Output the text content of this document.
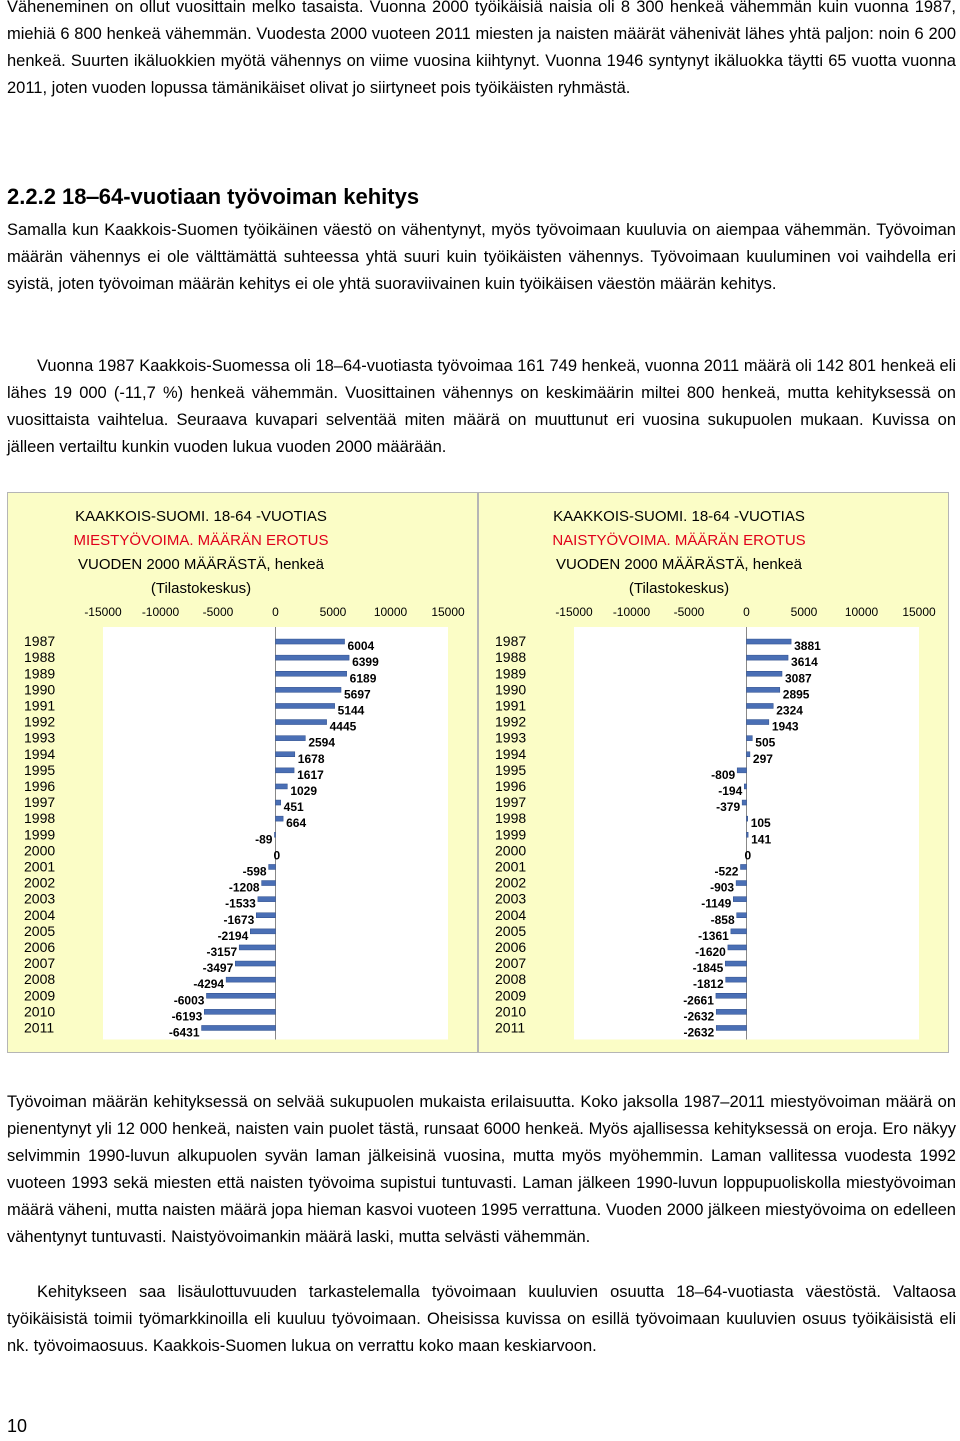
Väheneminen on ollut vuosittain melko tasaista. Vuonna 2000 työikäisiä naisia oli 8 300 henkeä vähemmän kuin vuonna 1987, miehiä 6 800 henkeä vähemmän. Vuodesta 2000 vuoteen 2011 miesten ja naisten määrät vähenivät lähes yhtä paljon: noin 6 200 henkeä. Suurten ikäluokkien myötä vähennys on viime vuosina kiihtynyt. Vuonna 1946 syntynyt ikäluokka täytti 65 vuotta vuonna 2011, joten vuoden lopussa tämänikäiset olivat jo siirtyneet pois työikäisten ryhmästä.

2.2.2 18‒64-vuotiaan työvoiman kehitys

Samalla kun Kaakkois-Suomen työikäinen väestö on vähentynyt, myös työvoimaan kuuluvia on aiempaa vähemmän. Työvoiman määrän vähennys ei ole välttämättä suhteessa yhtä suuri kuin työikäisten vähennys. Työvoimaan kuuluminen voi vaihdella eri syistä, joten työvoiman määrän kehitys ei ole yhtä suoraviivainen kuin työikäisen väestön määrän kehitys.

Vuonna 1987 Kaakkois-Suomessa oli 18‒64-vuotiasta työvoimaa 161 749 henkeä, vuonna 2011 määrä oli 142 801 henkeä eli lähes 19 000 (-11,7 %) henkeä vähemmän. Vuosittainen vähennys on keskimäärin miltei 800 henkeä, mutta kehityksessä on vuosittaista vaihtelua. Seuraava kuvapari selventää miten määrä on muuttunut eri vuosina sukupuolen mukaan. Kuvissa on jälleen vertailtu kunkin vuoden lukua vuoden 2000 määrään.

KAAKKOIS-SUOMI. 18-64 -VUOTIAS
MIESTYÖVOIMA. MÄÄRÄN EROTUS
VUODEN 2000 MÄÄRÄSTÄ, henkeä
(Tilastokeskus)
-15000 -10000 -5000	0	5000 10000 15000
1987	6004
1988	6399
1989	6189
1990	5697
1991	5144
1992	4445
1993	2594
1994	1678
1995	1617
1996	1029
1997	451
1998	664
1999	-89
2000	0
2001	-598
2002	-1208
2003	-1533
2004	-1673
2005	-2194
2006	-3157
2007	-3497
2008	-4294
2009	-6003
2010	-6193
2011	-6431
KAAKKOIS-SUOMI. 18-64 -VUOTIAS
NAISTYÖVOIMA. MÄÄRÄN EROTUS
VUODEN 2000 MÄÄRÄSTÄ, henkeä
(Tilastokeskus)
-15000 -10000 -5000	0	5000 10000 15000
1987	3881
1988	3614
1989	3087
1990	2895
1991	2324
1992	1943
1993	505
1994	297
1995	-809
1996	-194
1997	-379
1998	105
1999	141
2000	0
2001	-522
2002	-903
2003	-1149
2004	-858
2005	-1361
2006	-1620
2007	-1845
2008	-1812
2009	-2661
2010	-2632
2011	-2632

Työvoiman määrän kehityksessä on selvää sukupuolen mukaista erilaisuutta. Koko jaksolla 1987‒2011 miestyövoiman määrä on pienentynyt yli 12 000 henkeä, naisten vain puolet tästä, runsaat 6000 henkeä. Myös ajallisessa kehityksessä on eroja. Ero näkyy selvimmin 1990-luvun alkupuolen syvän laman jälkeisinä vuosina, mutta myös myöhemmin. Laman vallitessa vuodesta 1992 vuoteen 1993 sekä miesten että naisten työvoima supistui tuntuvasti. Laman jälkeen 1990-luvun loppupuoliskolla miestyövoiman määrä väheni, mutta naisten määrä jopa hieman kasvoi vuoteen 1995 verrattuna. Vuoden 2000 jälkeen miestyövoima on edelleen vähentynyt tuntuvasti. Naistyövoimankin määrä laski, mutta selvästi vähemmän.

Kehitykseen saa lisäulottuvuuden tarkastelemalla työvoimaan kuuluvien osuutta 18‒64-vuotiasta väestöstä. Valtaosa työikäisistä toimii työmarkkinoilla eli kuuluu työvoimaan. Oheisissa kuvissa on esillä työvoimaan kuuluvien osuus työikäisistä eli nk. työvoimaosuus. Kaakkois-Suomen lukua on verrattu koko maan keskiarvoon.

10
